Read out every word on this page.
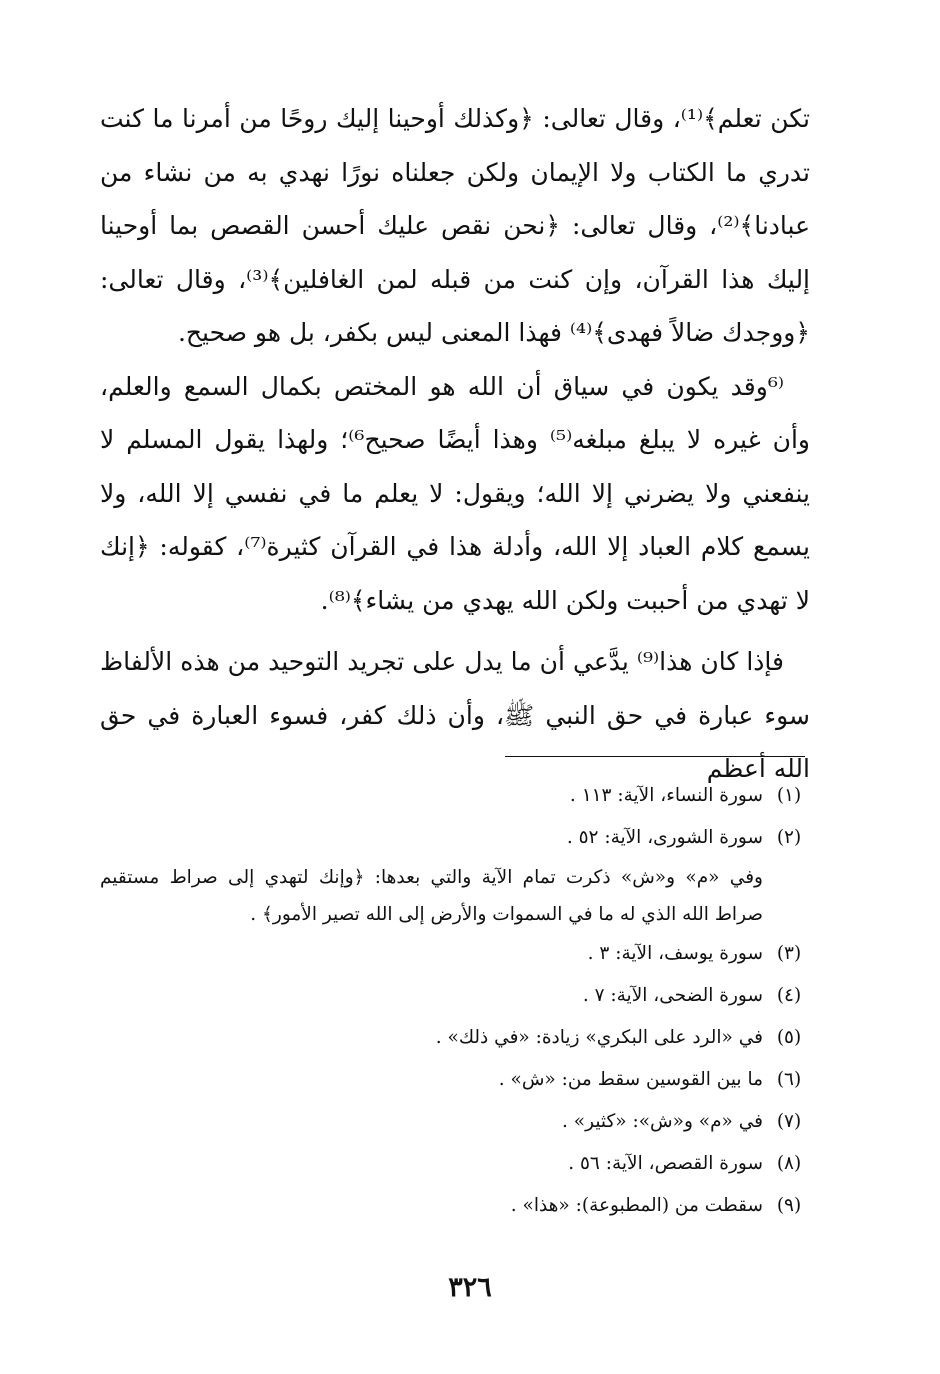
تكن تعلم﴾⁽¹⁾، وقال تعالى: ﴿وكذلك أوحينا إليك روحًا من أمرنا ما كنت تدري ما الكتاب ولا الإيمان ولكن جعلناه نورًا نهدي به من نشاء من عبادنا﴾⁽²⁾، وقال تعالى: ﴿نحن نقص عليك أحسن القصص بما أوحينا إليك هذا القرآن، وإن كنت من قبله لمن الغافلين﴾⁽³⁾، وقال تعالى: ﴿ووجدك ضالاً فهدى﴾⁽⁴⁾ فهذا المعنى ليس بكفر، بل هو صحيح.

⁽⁶وقد يكون في سياق أن الله هو المختص بكمال السمع والعلم، وأن غيره لا يبلغ مبلغه⁽⁵⁾ وهذا أيضًا صحيح⁶⁾؛ ولهذا يقول المسلم لا ينفعني ولا يضرني إلا الله؛ ويقول: لا يعلم ما في نفسي إلا الله، ولا يسمع كلام العباد إلا الله، وأدلة هذا في القرآن كثيرة⁽⁷⁾، كقوله: ﴿إنك لا تهدي من أحببت ولكن الله يهدي من يشاء﴾⁽⁸⁾.

فإذا كان هذا⁽⁹⁾ يدَّعي أن ما يدل على تجريد التوحيد من هذه الألفاظ سوء عبارة في حق النبي ﷺ، وأن ذلك كفر، فسوء العبارة في حق الله أعظم

(١)
سورة النساء، الآية: ١١٣ .
(٢)
سورة الشورى، الآية: ٥٢ .
وفي «م» و«ش» ذكرت تمام الآية والتي بعدها: ﴿وإنك لتهدي إلى صراط مستقيم صراط الله الذي له ما في السموات والأرض إلى الله تصير الأمور﴾ .
(٣)
سورة يوسف، الآية: ٣ .
(٤)
سورة الضحى، الآية: ٧ .
(٥)
في «الرد على البكري» زيادة: «في ذلك» .
(٦)
ما بين القوسين سقط من: «ش» .
(٧)
في «م» و«ش»: «كثير» .
(٨)
سورة القصص، الآية: ٥٦ .
(٩)
سقطت من (المطبوعة): «هذا» .
٣٢٦
